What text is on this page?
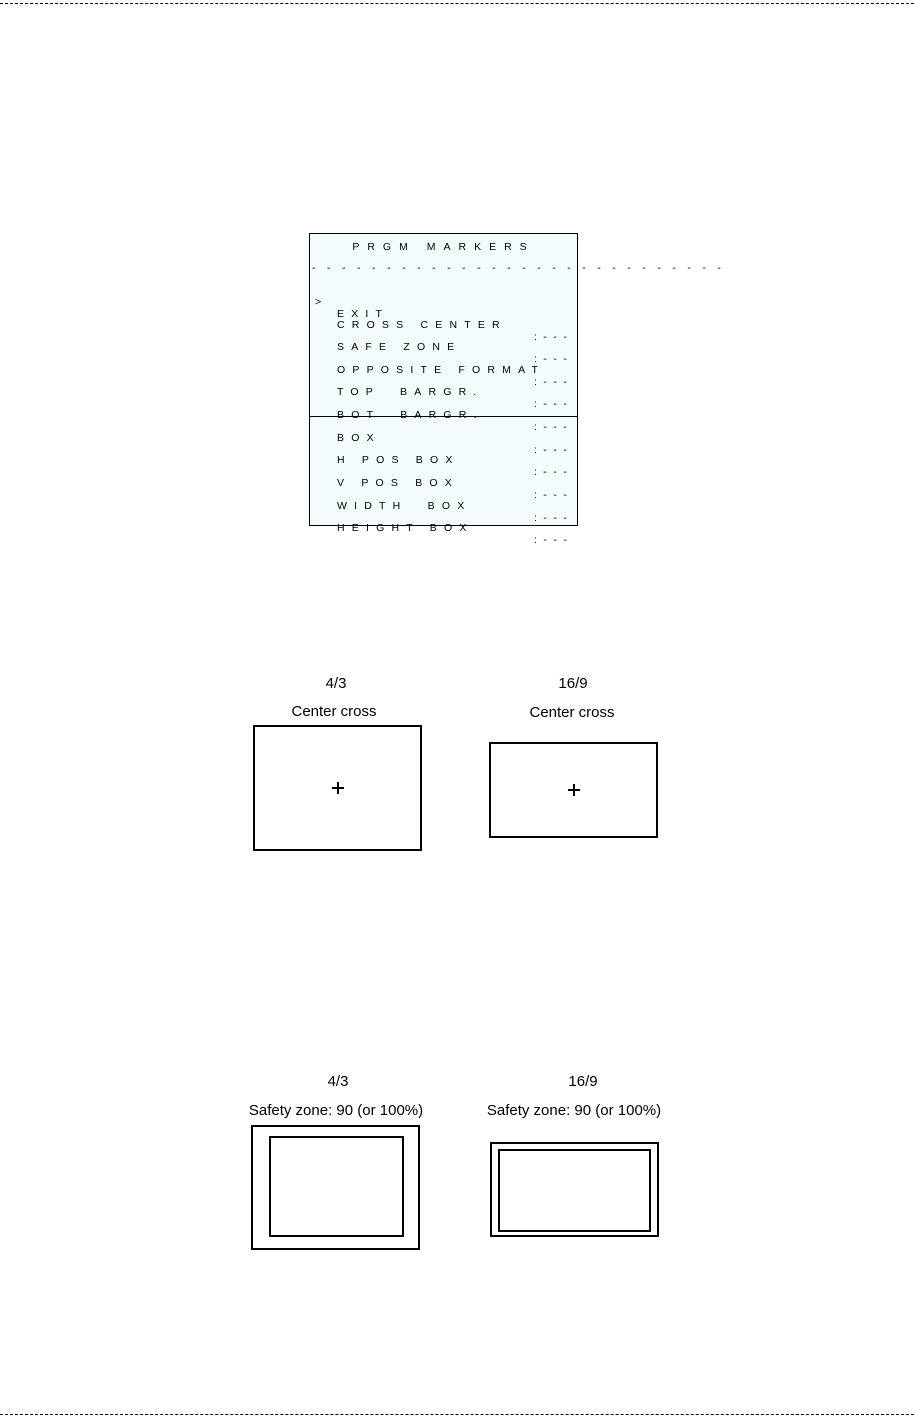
PRGM MARKERS

- - - - - - - - - - - - - - - - - - - - - - - - - - - -

>

EXIT

CROSS CENTER

:---

SAFE ZONE

:---

OPPOSITE FORMAT

:---

TOP  BARGR.

:---

BOT  BARGR.

:---

BOX

:---

H POS BOX

:---

V POS BOX

:---

WIDTH  BOX

:---

HEIGHT BOX

:---

4/3
Center cross
16/9
Center cross
4/3
Safety zone: 90 (or 100%)
16/9
Safety zone: 90 (or 100%)
